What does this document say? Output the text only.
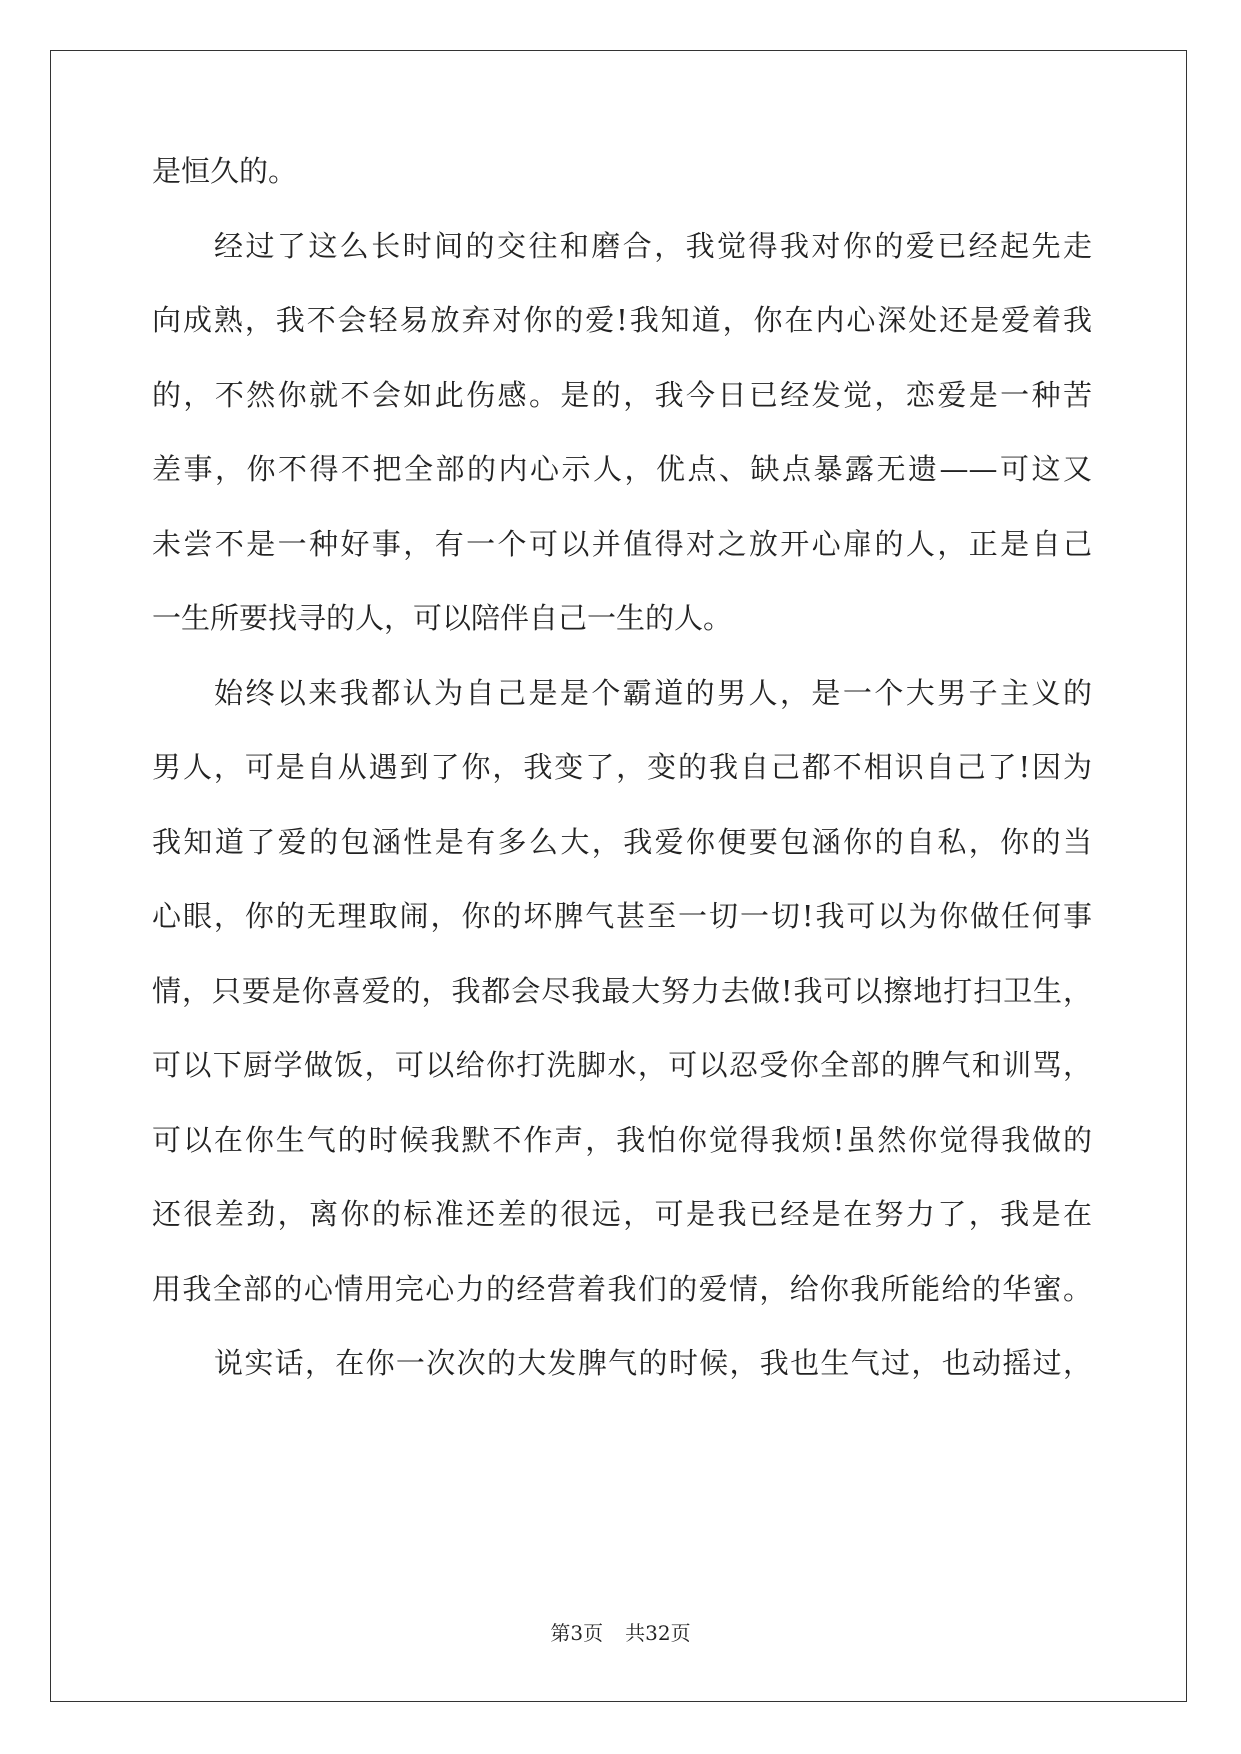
是恒久的。
经过了这么长时间的交往和磨合，我觉得我对你的爱已经起先走
向成熟，我不会轻易放弃对你的爱!我知道，你在内心深处还是爱着我
的，不然你就不会如此伤感。是的，我今日已经发觉，恋爱是一种苦
差事，你不得不把全部的内心示人，优点、缺点暴露无遗——可这又
未尝不是一种好事，有一个可以并值得对之放开心扉的人，正是自己
一生所要找寻的人，可以陪伴自己一生的人。
始终以来我都认为自己是是个霸道的男人，是一个大男子主义的
男人，可是自从遇到了你，我变了，变的我自己都不相识自己了!因为
我知道了爱的包涵性是有多么大，我爱你便要包涵你的自私，你的当
心眼，你的无理取闹，你的坏脾气甚至一切一切!我可以为你做任何事
情，只要是你喜爱的，我都会尽我最大努力去做!我可以擦地打扫卫生，
可以下厨学做饭，可以给你打洗脚水，可以忍受你全部的脾气和训骂，
可以在你生气的时候我默不作声，我怕你觉得我烦!虽然你觉得我做的
还很差劲，离你的标准还差的很远，可是我已经是在努力了，我是在
用我全部的心情用完心力的经营着我们的爱情，给你我所能给的华蜜。
说实话，在你一次次的大发脾气的时候，我也生气过，也动摇过，
第3页 共32页
